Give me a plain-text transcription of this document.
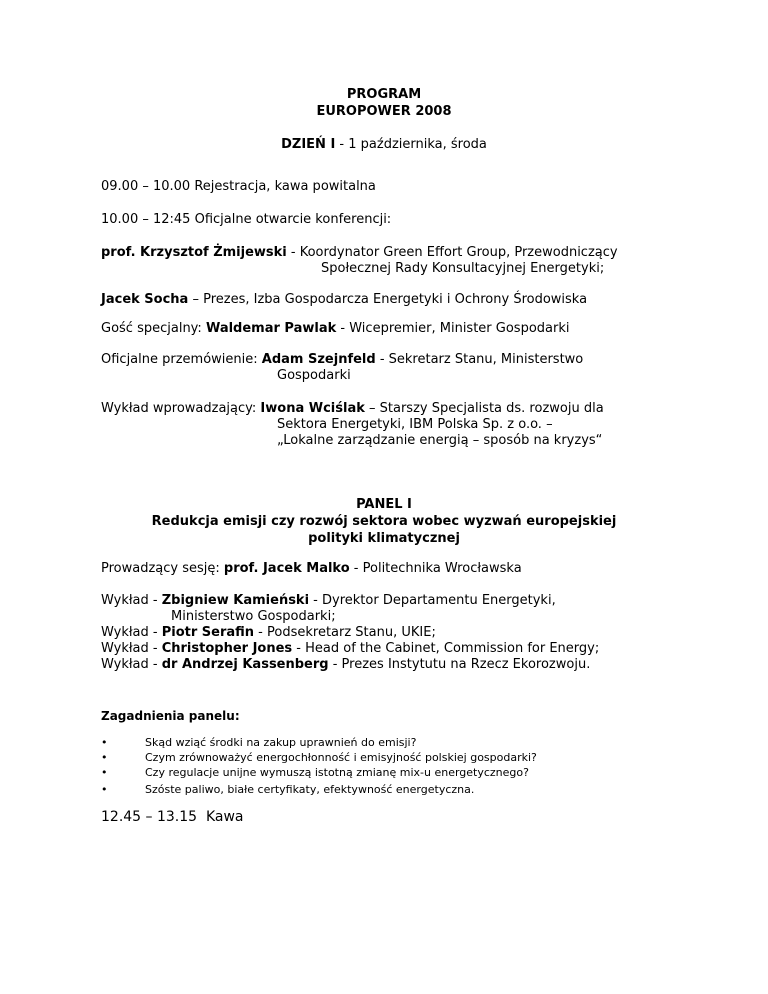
PROGRAM
EUROPOWER 2008
DZIEŃ I - 1 października, środa
09.00 – 10.00 Rejestracja, kawa powitalna
10.00 – 12:45 Oficjalne otwarcie konferencji:
prof. Krzysztof Żmijewski - Koordynator Green Effort Group, Przewodniczący
Społecznej Rady Konsultacyjnej Energetyki;
Jacek Socha – Prezes, Izba Gospodarcza Energetyki i Ochrony Środowiska
Gość specjalny: Waldemar Pawlak - Wicepremier, Minister Gospodarki
Oficjalne przemówienie: Adam Szejnfeld - Sekretarz Stanu, Ministerstwo
Gospodarki
Wykład wprowadzający: Iwona Wciślak – Starszy Specjalista ds. rozwoju dla
Sektora Energetyki, IBM Polska Sp. z o.o. –
„Lokalne zarządzanie energią – sposób na kryzys“
PANEL I
Redukcja emisji czy rozwój sektora wobec wyzwań europejskiej
polityki klimatycznej
Prowadzący sesję: prof. Jacek Malko - Politechnika Wrocławska
Wykład - Zbigniew Kamieński - Dyrektor Departamentu Energetyki,
Ministerstwo Gospodarki;
Wykład - Piotr Serafin - Podsekretarz Stanu, UKIE;
Wykład - Christopher Jones - Head of the Cabinet, Commission for Energy;
Wykład - dr Andrzej Kassenberg - Prezes Instytutu na Rzecz Ekorozwoju.
Zagadnienia panelu:
•	Skąd wziąć środki na zakup uprawnień do emisji?
•	Czym zrównoważyć energochłonność i emisyjność polskiej gospodarki?
•	Czy regulacje unijne wymuszą istotną zmianę mix-u energetycznego?
•	Szóste paliwo, białe certyfikaty, efektywność energetyczna.
12.45 – 13.15  Kawa
